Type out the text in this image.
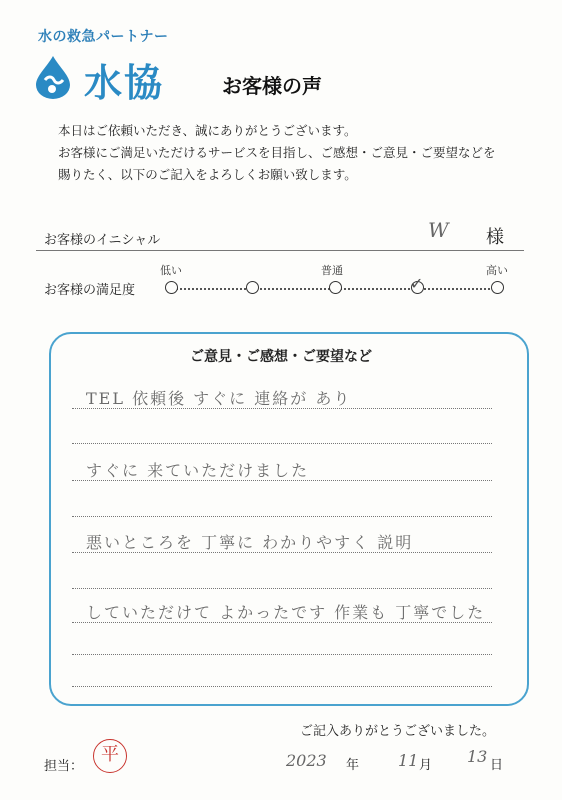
水の救急パートナー
水協	お客様の声
本日はご依頼いただき、誠にありがとうございます。
お客様にご満足いただけるサービスを目指し、ご感想・ご意見・ご要望などを
賜りたく、以下のご記入をよろしくお願い致します。
お客様のイニシャル	W 様
お客様の満足度
低い	普通	高い
✓
ご意見・ご感想・ご要望など
TEL 依頼後 すぐに 連絡が あり
すぐに 来ていただけました
悪いところを 丁寧に わかりやすく 説明
していただけて よかったです 作業も 丁寧でした
ご記入ありがとうございました。
担当：
平	2023 年 11 月 13 日
